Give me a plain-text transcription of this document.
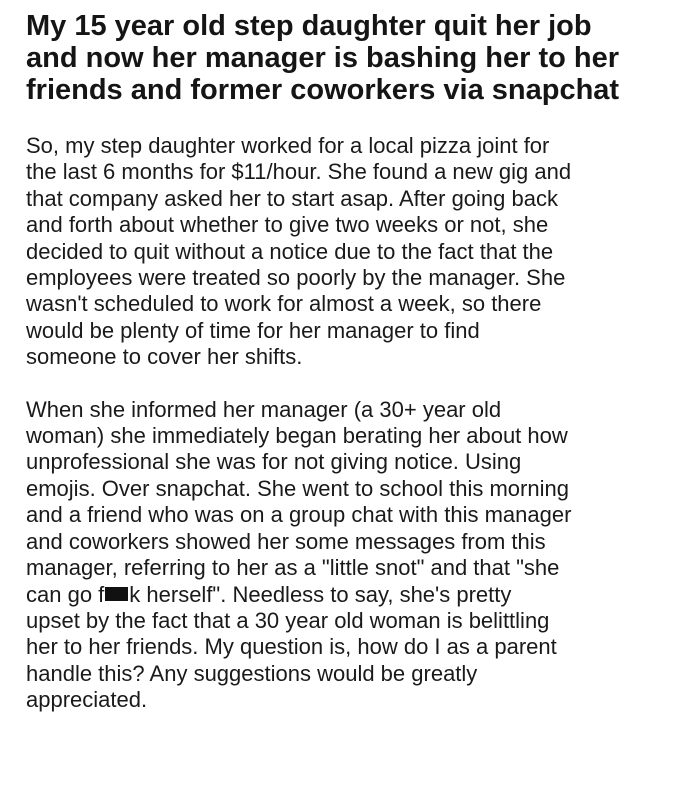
My 15 year old step daughter quit her job
and now her manager is bashing her to her
friends and former coworkers via snapchat

So, my step daughter worked for a local pizza joint for
the last 6 months for $11/hour. She found a new gig and
that company asked her to start asap. After going back
and forth about whether to give two weeks or not, she
decided to quit without a notice due to the fact that the
employees were treated so poorly by the manager. She
wasn't scheduled to work for almost a week, so there
would be plenty of time for her manager to find
someone to cover her shifts.

When she informed her manager (a 30+ year old
woman) she immediately began berating her about how
unprofessional she was for not giving notice. Using
emojis. Over snapchat. She went to school this morning
and a friend who was on a group chat with this manager
and coworkers showed her some messages from this
manager, referring to her as a "little snot" and that "she
can go f k herself". Needless to say, she's pretty
upset by the fact that a 30 year old woman is belittling
her to her friends. My question is, how do I as a parent
handle this? Any suggestions would be greatly
appreciated.
